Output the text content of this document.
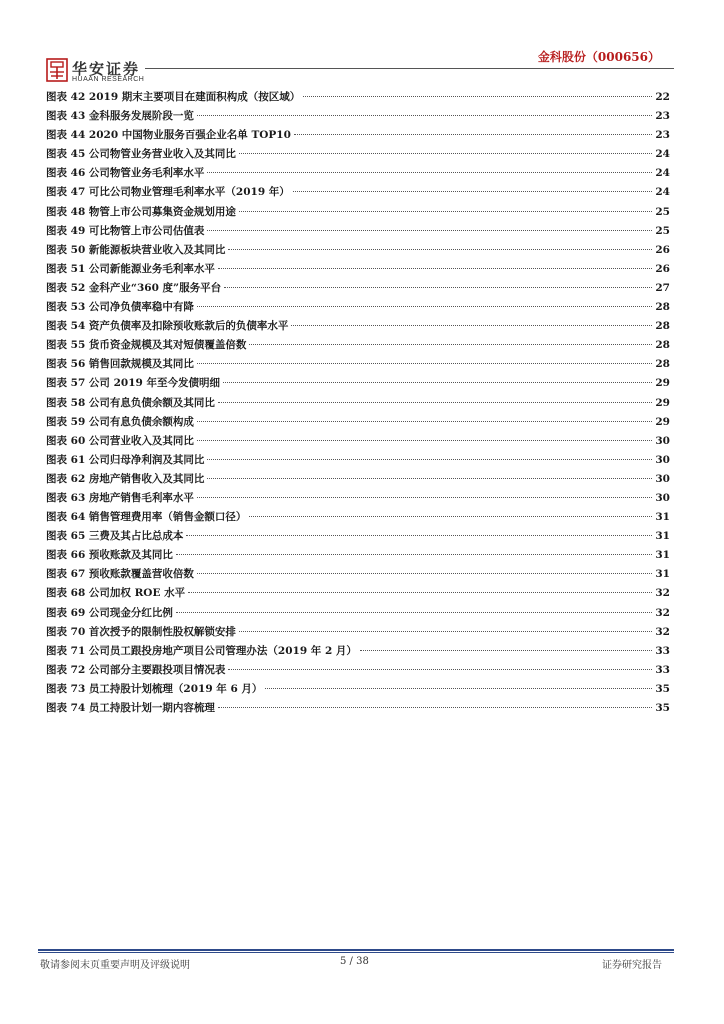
华安证券
HUAAN RESEARCH
金科股份（000656）
图表 42 2019 期末主要项目在建面积构成（按区域）	22
图表 43 金科服务发展阶段一览	23
图表 44 2020 中国物业服务百强企业名单 TOP10	23
图表 45 公司物管业务营业收入及其同比	24
图表 46 公司物管业务毛利率水平	24
图表 47 可比公司物业管理毛利率水平（2019 年）	24
图表 48 物管上市公司募集资金规划用途	25
图表 49 可比物管上市公司估值表	25
图表 50 新能源板块营业收入及其同比	26
图表 51 公司新能源业务毛利率水平	26
图表 52 金科产业“360 度”服务平台	27
图表 53 公司净负债率稳中有降	28
图表 54 资产负债率及扣除预收账款后的负债率水平	28
图表 55 货币资金规模及其对短债覆盖倍数	28
图表 56 销售回款规模及其同比	28
图表 57 公司 2019 年至今发债明细	29
图表 58 公司有息负债余额及其同比	29
图表 59 公司有息负债余额构成	29
图表 60 公司营业收入及其同比	30
图表 61 公司归母净利润及其同比	30
图表 62 房地产销售收入及其同比	30
图表 63 房地产销售毛利率水平	30
图表 64 销售管理费用率（销售金额口径）	31
图表 65 三费及其占比总成本	31
图表 66 预收账款及其同比	31
图表 67 预收账款覆盖营收倍数	31
图表 68 公司加权 ROE 水平	32
图表 69 公司现金分红比例	32
图表 70 首次授予的限制性股权解锁安排	32
图表 71 公司员工跟投房地产项目公司管理办法（2019 年 2 月）	33
图表 72 公司部分主要跟投项目情况表	33
图表 73 员工持股计划梳理（2019 年 6 月）	35
图表 74 员工持股计划一期内容梳理	35
敬请参阅末页重要声明及评级说明	5 / 38	证券研究报告
